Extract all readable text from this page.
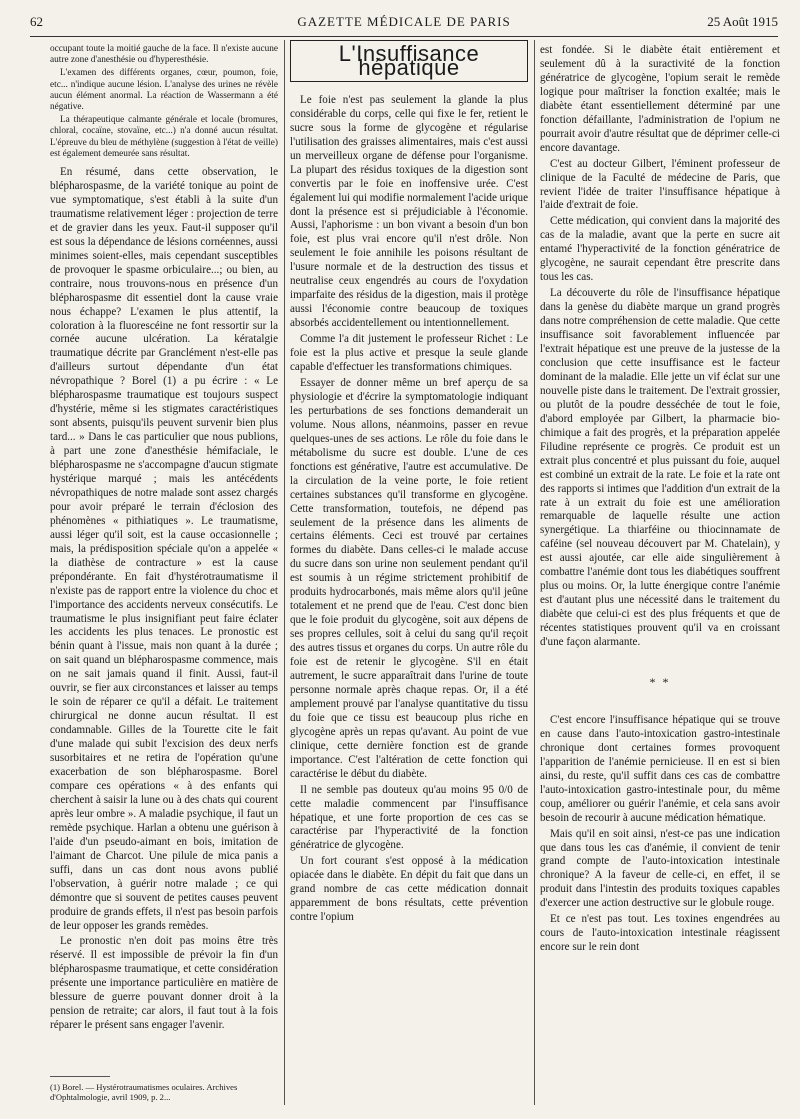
62	GAZETTE MÉDICALE DE PARIS	25 Août 1915

occupant toute la moitié gauche de la face. Il n'existe aucune autre zone d'anesthésie ou d'hyperesthésie.

L'examen des différents organes, cœur, poumon, foie, etc... n'indique aucune lésion. L'analyse des urines ne révèle aucun élément anormal. La réaction de Wassermann a été négative.

La thérapeutique calmante générale et locale (bromures, chloral, cocaïne, stovaïne, etc...) n'a donné aucun résultat. L'épreuve du bleu de méthylène (suggestion à l'état de veille) est également demeurée sans résultat.

En résumé, dans cette observation, le blépharospasme, de la variété tonique au point de vue symptomatique, s'est établi à la suite d'un traumatisme relativement léger : projection de terre et de gravier dans les yeux. Faut-il supposer qu'il est sous la dépendance de lésions cornéennes, aussi minimes soient-elles, mais cependant susceptibles de provoquer le spasme orbiculaire...; ou bien, au contraire, nous trouvons-nous en présence d'un blépharospasme dit essentiel dont la cause vraie nous échappe? L'examen le plus attentif, la coloration à la fluorescéine ne font ressortir sur la cornée aucune ulcération. La kératalgie traumatique décrite par Granclément n'est-elle pas d'ailleurs surtout dépendante d'un état névropathique ? Borel (1) a pu écrire : « Le blépharospasme traumatique est toujours suspect d'hystérie, même si les stigmates caractéristiques sont absents, puisqu'ils peuvent survenir bien plus tard... » Dans le cas particulier que nous publions, à part une zone d'anesthésie hémifaciale, le blépharospasme ne s'accompagne d'aucun stigmate hystérique marqué ; mais les antécédents névropathiques de notre malade sont assez chargés pour avoir préparé le terrain d'éclosion des phénomènes « pithiatiques ». Le traumatisme, aussi léger qu'il soit, est la cause occasionnelle ; mais, la prédisposition spéciale qu'on a appelée « la diathèse de contracture » est la cause prépondérante. En fait d'hystérotraumatisme il n'existe pas de rapport entre la violence du choc et l'importance des accidents nerveux consécutifs. Le traumatisme le plus insignifiant peut faire éclater les accidents les plus tenaces. Le pronostic est bénin quant à l'issue, mais non quant à la durée ; on sait quand un blépharospasme commence, mais on ne sait jamais quand il finit. Aussi, faut-il ouvrir, se fier aux circonstances et laisser au temps le soin de réparer ce qu'il a défait. Le traitement chirurgical ne donne aucun résultat. Il est condamnable. Gilles de la Tourette cite le fait d'une malade qui subit l'excision des deux nerfs susorbitaires et ne retira de l'opération qu'une exacerbation de son blépharospasme. Borel compare ces opérations « à des enfants qui cherchent à saisir la lune ou à des chats qui courent après leur ombre ». A maladie psychique, il faut un remède psychique. Harlan a obtenu une guérison à l'aide d'un pseudo-aimant en bois, imitation de l'aimant de Charcot. Une pilule de mica panis a suffi, dans un cas dont nous avons publié l'observation, à guérir notre malade ; ce qui démontre que si souvent de petites causes peuvent produire de grands effets, il n'est pas besoin parfois de leur opposer les grands remèdes.

Le pronostic n'en doit pas moins être très réservé. Il est impossible de prévoir la fin d'un blépharospasme traumatique, et cette considération présente une importance particulière en matière de blessure de guerre pouvant donner droit à la pension de retraite; car alors, il faut tout à la fois réparer le présent sans engager l'avenir.

(1) Borel. — Hystérotraumatismes oculaires. Archives d'Ophtalmologie, avril 1909, p. 2...
L'Insuffisance hépatique

Le foie n'est pas seulement la glande la plus considérable du corps, celle qui fixe le fer, retient le sucre sous la forme de glycogène et régularise l'utilisation des graisses alimentaires, mais c'est aussi un merveilleux organe de défense pour l'organisme. La plupart des résidus toxiques de la digestion sont convertis par le foie en inoffensive urée. C'est également lui qui modifie normalement l'acide urique dont la présence est si préjudiciable à l'économie. Aussi, l'aphorisme : un bon vivant a besoin d'un bon foie, est plus vrai encore qu'il n'est drôle. Non seulement le foie annihile les poisons résultant de l'usure normale et de la destruction des tissus et neutralise ceux engendrés au cours de l'oxydation imparfaite des résidus de la digestion, mais il protège aussi l'économie contre beaucoup de toxiques absorbés accidentellement ou intentionnellement.

Comme l'a dit justement le professeur Richet : Le foie est la plus active et presque la seule glande capable d'effectuer les transformations chimiques.

Essayer de donner même un bref aperçu de sa physiologie et d'écrire la symptomatologie indiquant les perturbations de ses fonctions demanderait un volume. Nous allons, néanmoins, passer en revue quelques-unes de ses actions. Le rôle du foie dans le métabolisme du sucre est double. L'une de ces fonctions est générative, l'autre est accumulative. De la circulation de la veine porte, le foie retient certaines substances qu'il transforme en glycogène. Cette transformation, toutefois, ne dépend pas seulement de la présence dans les aliments de certains éléments. Ceci est trouvé par certaines formes du diabète. Dans celles-ci le malade accuse du sucre dans son urine non seulement pendant qu'il est soumis à un régime strictement prohibitif de produits hydrocarbonés, mais même alors qu'il jeûne totalement et ne prend que de l'eau. C'est donc bien que le foie produit du glycogène, soit aux dépens de ses propres cellules, soit à celui du sang qu'il reçoit des autres tissus et organes du corps. Un autre rôle du foie est de retenir le glycogène. S'il en était autrement, le sucre apparaîtrait dans l'urine de toute personne normale après chaque repas. Or, il a été amplement prouvé par l'analyse quantitative du tissu du foie que ce tissu est beaucoup plus riche en glycogène après un repas qu'avant. Au point de vue clinique, cette dernière fonction est de grande importance. C'est l'altération de cette fonction qui caractérise le début du diabète.

Il ne semble pas douteux qu'au moins 95 0/0 de cette maladie commencent par l'insuffisance hépatique, et une forte proportion de ces cas se caractérise par l'hyperactivité de la fonction génératrice de glycogène.

Un fort courant s'est opposé à la médication opiacée dans le diabète. En dépit du fait que dans un grand nombre de cas cette médication donnait apparemment de bons résultats, cette prévention contre l'opium

est fondée. Si le diabète était entièrement et seulement dû à la suractivité de la fonction génératrice de glycogène, l'opium serait le remède logique pour maîtriser la fonction exaltée; mais le diabète étant essentiellement déterminé par une fonction défaillante, l'administration de l'opium ne pourrait avoir d'autre résultat que de déprimer celle-ci encore davantage.

C'est au docteur Gilbert, l'éminent professeur de clinique de la Faculté de médecine de Paris, que revient l'idée de traiter l'insuffisance hépatique à l'aide d'extrait de foie.

Cette médication, qui convient dans la majorité des cas de la maladie, avant que la perte en sucre ait entamé l'hyperactivité de la fonction génératrice de glycogène, ne saurait cependant être prescrite dans tous les cas.

La découverte du rôle de l'insuffisance hépatique dans la genèse du diabète marque un grand progrès dans notre compréhension de cette maladie. Que cette insuffisance soit favorablement influencée par l'extrait hépatique est une preuve de la justesse de la conclusion que cette insuffisance est le facteur dominant de la maladie. Elle jette un vif éclat sur une nouvelle piste dans le traitement. De l'extrait grossier, ou plutôt de la poudre desséchée de tout le foie, d'abord employée par Gilbert, la pharmacie bio-chimique a fait des progrès, et la préparation appelée Filudine représente ce progrès. Ce produit est un extrait plus concentré et plus puissant du foie, auquel est combiné un extrait de la rate. Le foie et la rate ont des rapports si intimes que l'addition d'un extrait de la rate à un extrait du foie est une amélioration remarquable de laquelle résulte une action synergétique. La thiarféine ou thiocinnamate de caféine (sel nouveau découvert par M. Chatelain), y est aussi ajoutée, car elle aide singulièrement à combattre l'anémie dont tous les diabétiques souffrent plus ou moins. Or, la lutte énergique contre l'anémie est d'autant plus une nécessité dans le traitement du diabète que celui-ci est des plus fréquents et que de récentes statistiques prouvent qu'il va en croissant d'une façon alarmante.

* *

C'est encore l'insuffisance hépatique qui se trouve en cause dans l'auto-intoxication gastro-intestinale chronique dont certaines formes provoquent l'apparition de l'anémie pernicieuse. Il en est si bien ainsi, du reste, qu'il suffit dans ces cas de combattre l'auto-intoxication gastro-intestinale pour, du même coup, améliorer ou guérir l'anémie, et cela sans avoir besoin de recourir à aucune médication hématique.

Mais qu'il en soit ainsi, n'est-ce pas une indication que dans tous les cas d'anémie, il convient de tenir grand compte de l'auto-intoxication intestinale chronique? A la faveur de celle-ci, en effet, il se produit dans l'intestin des produits toxiques capables d'exercer une action destructive sur le globule rouge.

Et ce n'est pas tout. Les toxines engendrées au cours de l'auto-intoxication intestinale réagissent encore sur le rein dont
